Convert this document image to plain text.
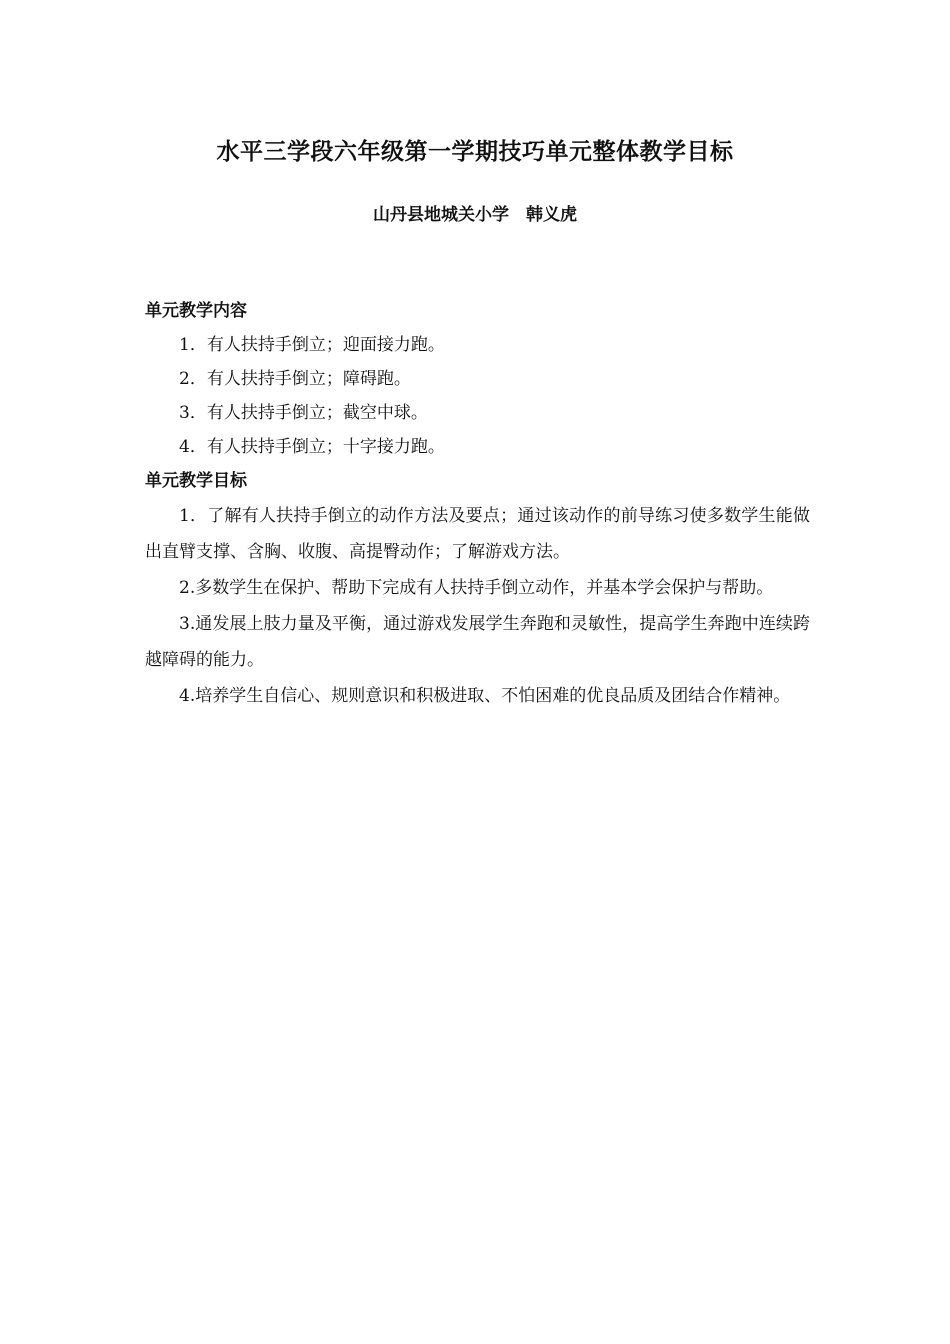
水平三学段六年级第一学期技巧单元整体教学目标
山丹县地城关小学　韩义虎
单元教学内容
1．有人扶持手倒立；迎面接力跑。
2．有人扶持手倒立；障碍跑。
3．有人扶持手倒立；截空中球。
4．有人扶持手倒立；十字接力跑。
单元教学目标
1．了解有人扶持手倒立的动作方法及要点；通过该动作的前导练习使多数学生能做出直臂支撑、含胸、收腹、高提臀动作；了解游戏方法。
2.多数学生在保护、帮助下完成有人扶持手倒立动作，并基本学会保护与帮助。
3.通发展上肢力量及平衡，通过游戏发展学生奔跑和灵敏性，提高学生奔跑中连续跨越障碍的能力。
4.培养学生自信心、规则意识和积极进取、不怕困难的优良品质及团结合作精神。
